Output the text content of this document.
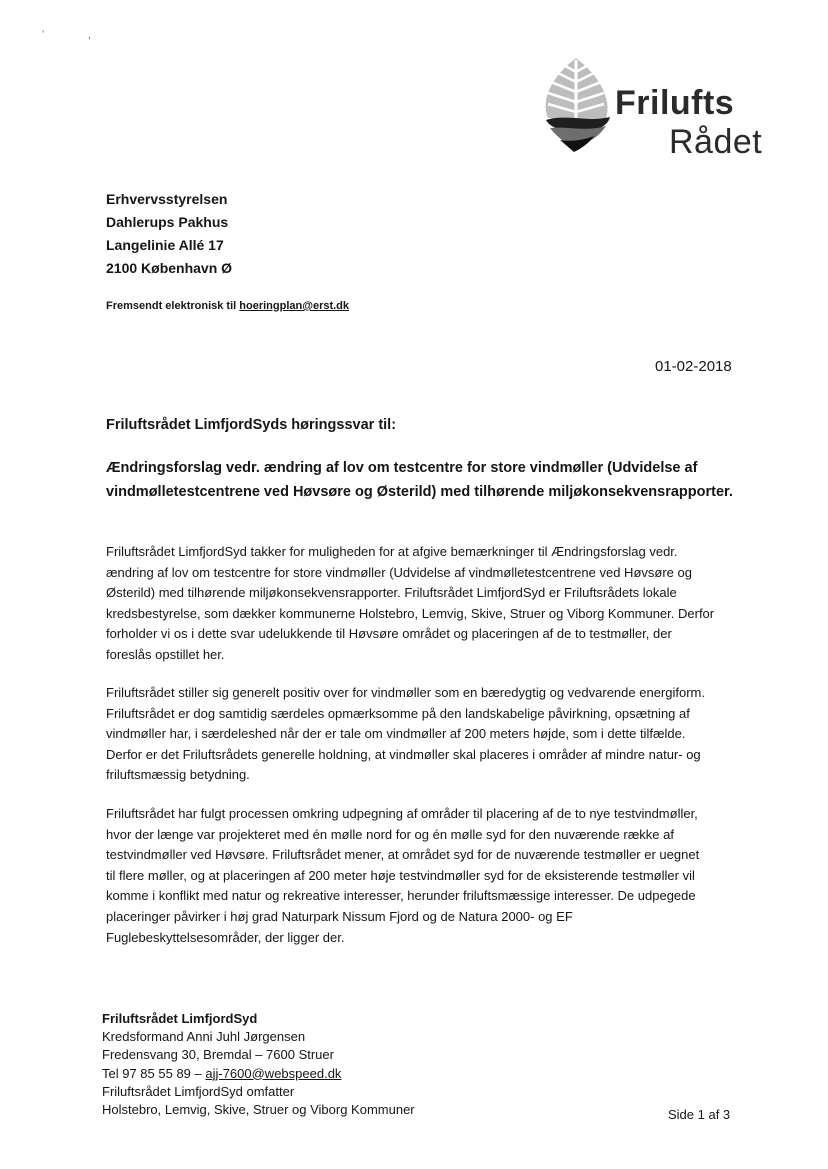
ʼ	,
Frilufts
Rådet
Erhvervsstyrelsen
Dahlerups Pakhus
Langelinie Allé 17
2100 København Ø
Fremsendt elektronisk til hoeringplan@erst.dk
01-02-2018
Friluftsrådet LimfjordSyds høringssvar til:
Ændringsforslag vedr. ændring af lov om testcentre for store vindmøller (Udvidelse af
vindmølletestcentrene ved Høvsøre og Østerild) med tilhørende miljøkonsekvensrapporter.
Friluftsrådet LimfjordSyd takker for muligheden for at afgive bemærkninger til Ændringsforslag vedr.
ændring af lov om testcentre for store vindmøller (Udvidelse af vindmølletestcentrene ved Høvsøre og
Østerild) med tilhørende miljøkonsekvensrapporter. Friluftsrådet LimfjordSyd er Friluftsrådets lokale
kredsbestyrelse, som dækker kommunerne Holstebro, Lemvig, Skive, Struer og Viborg Kommuner. Derfor
forholder vi os i dette svar udelukkende til Høvsøre området og placeringen af de to testmøller, der
foreslås opstillet her.
Friluftsrådet stiller sig generelt positiv over for vindmøller som en bæredygtig og vedvarende energiform.
Friluftsrådet er dog samtidig særdeles opmærksomme på den landskabelige påvirkning, opsætning af
vindmøller har, i særdeleshed når der er tale om vindmøller af 200 meters højde, som i dette tilfælde.
Derfor er det Friluftsrådets generelle holdning, at vindmøller skal placeres i områder af mindre natur- og
friluftsmæssig betydning.
Friluftsrådet har fulgt processen omkring udpegning af områder til placering af de to nye testvindmøller,
hvor der længe var projekteret med én mølle nord for og én mølle syd for den nuværende række af
testvindmøller ved Høvsøre. Friluftsrådet mener, at området syd for de nuværende testmøller er uegnet
til flere møller, og at placeringen af 200 meter høje testvindmøller syd for de eksisterende testmøller vil
komme i konflikt med natur og rekreative interesser, herunder friluftsmæssige interesser. De udpegede
placeringer påvirker i høj grad Naturpark Nissum Fjord og de Natura 2000- og EF
Fuglebeskyttelsesområder, der ligger der.
Friluftsrådet LimfjordSyd
Kredsformand Anni Juhl Jørgensen
Fredensvang 30, Bremdal – 7600 Struer
Tel 97 85 55 89 – ajj-7600@webspeed.dk
Friluftsrådet LimfjordSyd omfatter
Holstebro, Lemvig, Skive, Struer og Viborg Kommuner	Side 1 af 3
